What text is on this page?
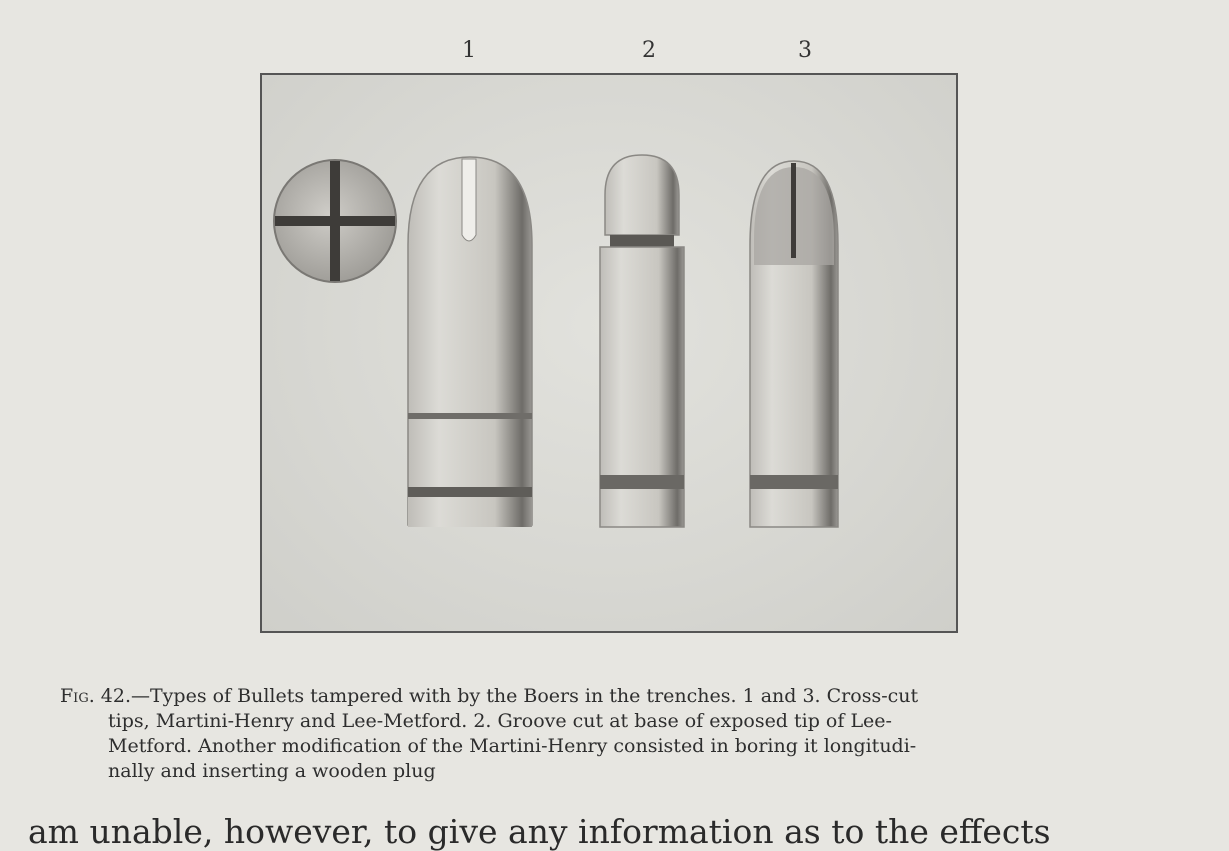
1	2	3
Fig. 42.—Types of Bullets tampered with by the Boers in the trenches. 1 and 3. Cross-cut
tips, Martini-Henry and Lee-Metford. 2. Groove cut at base of exposed tip of Lee-
Metford. Another modification of the Martini-Henry consisted in boring it longitudi-
nally and inserting a wooden plug
am unable, however, to give any information as to the effects
